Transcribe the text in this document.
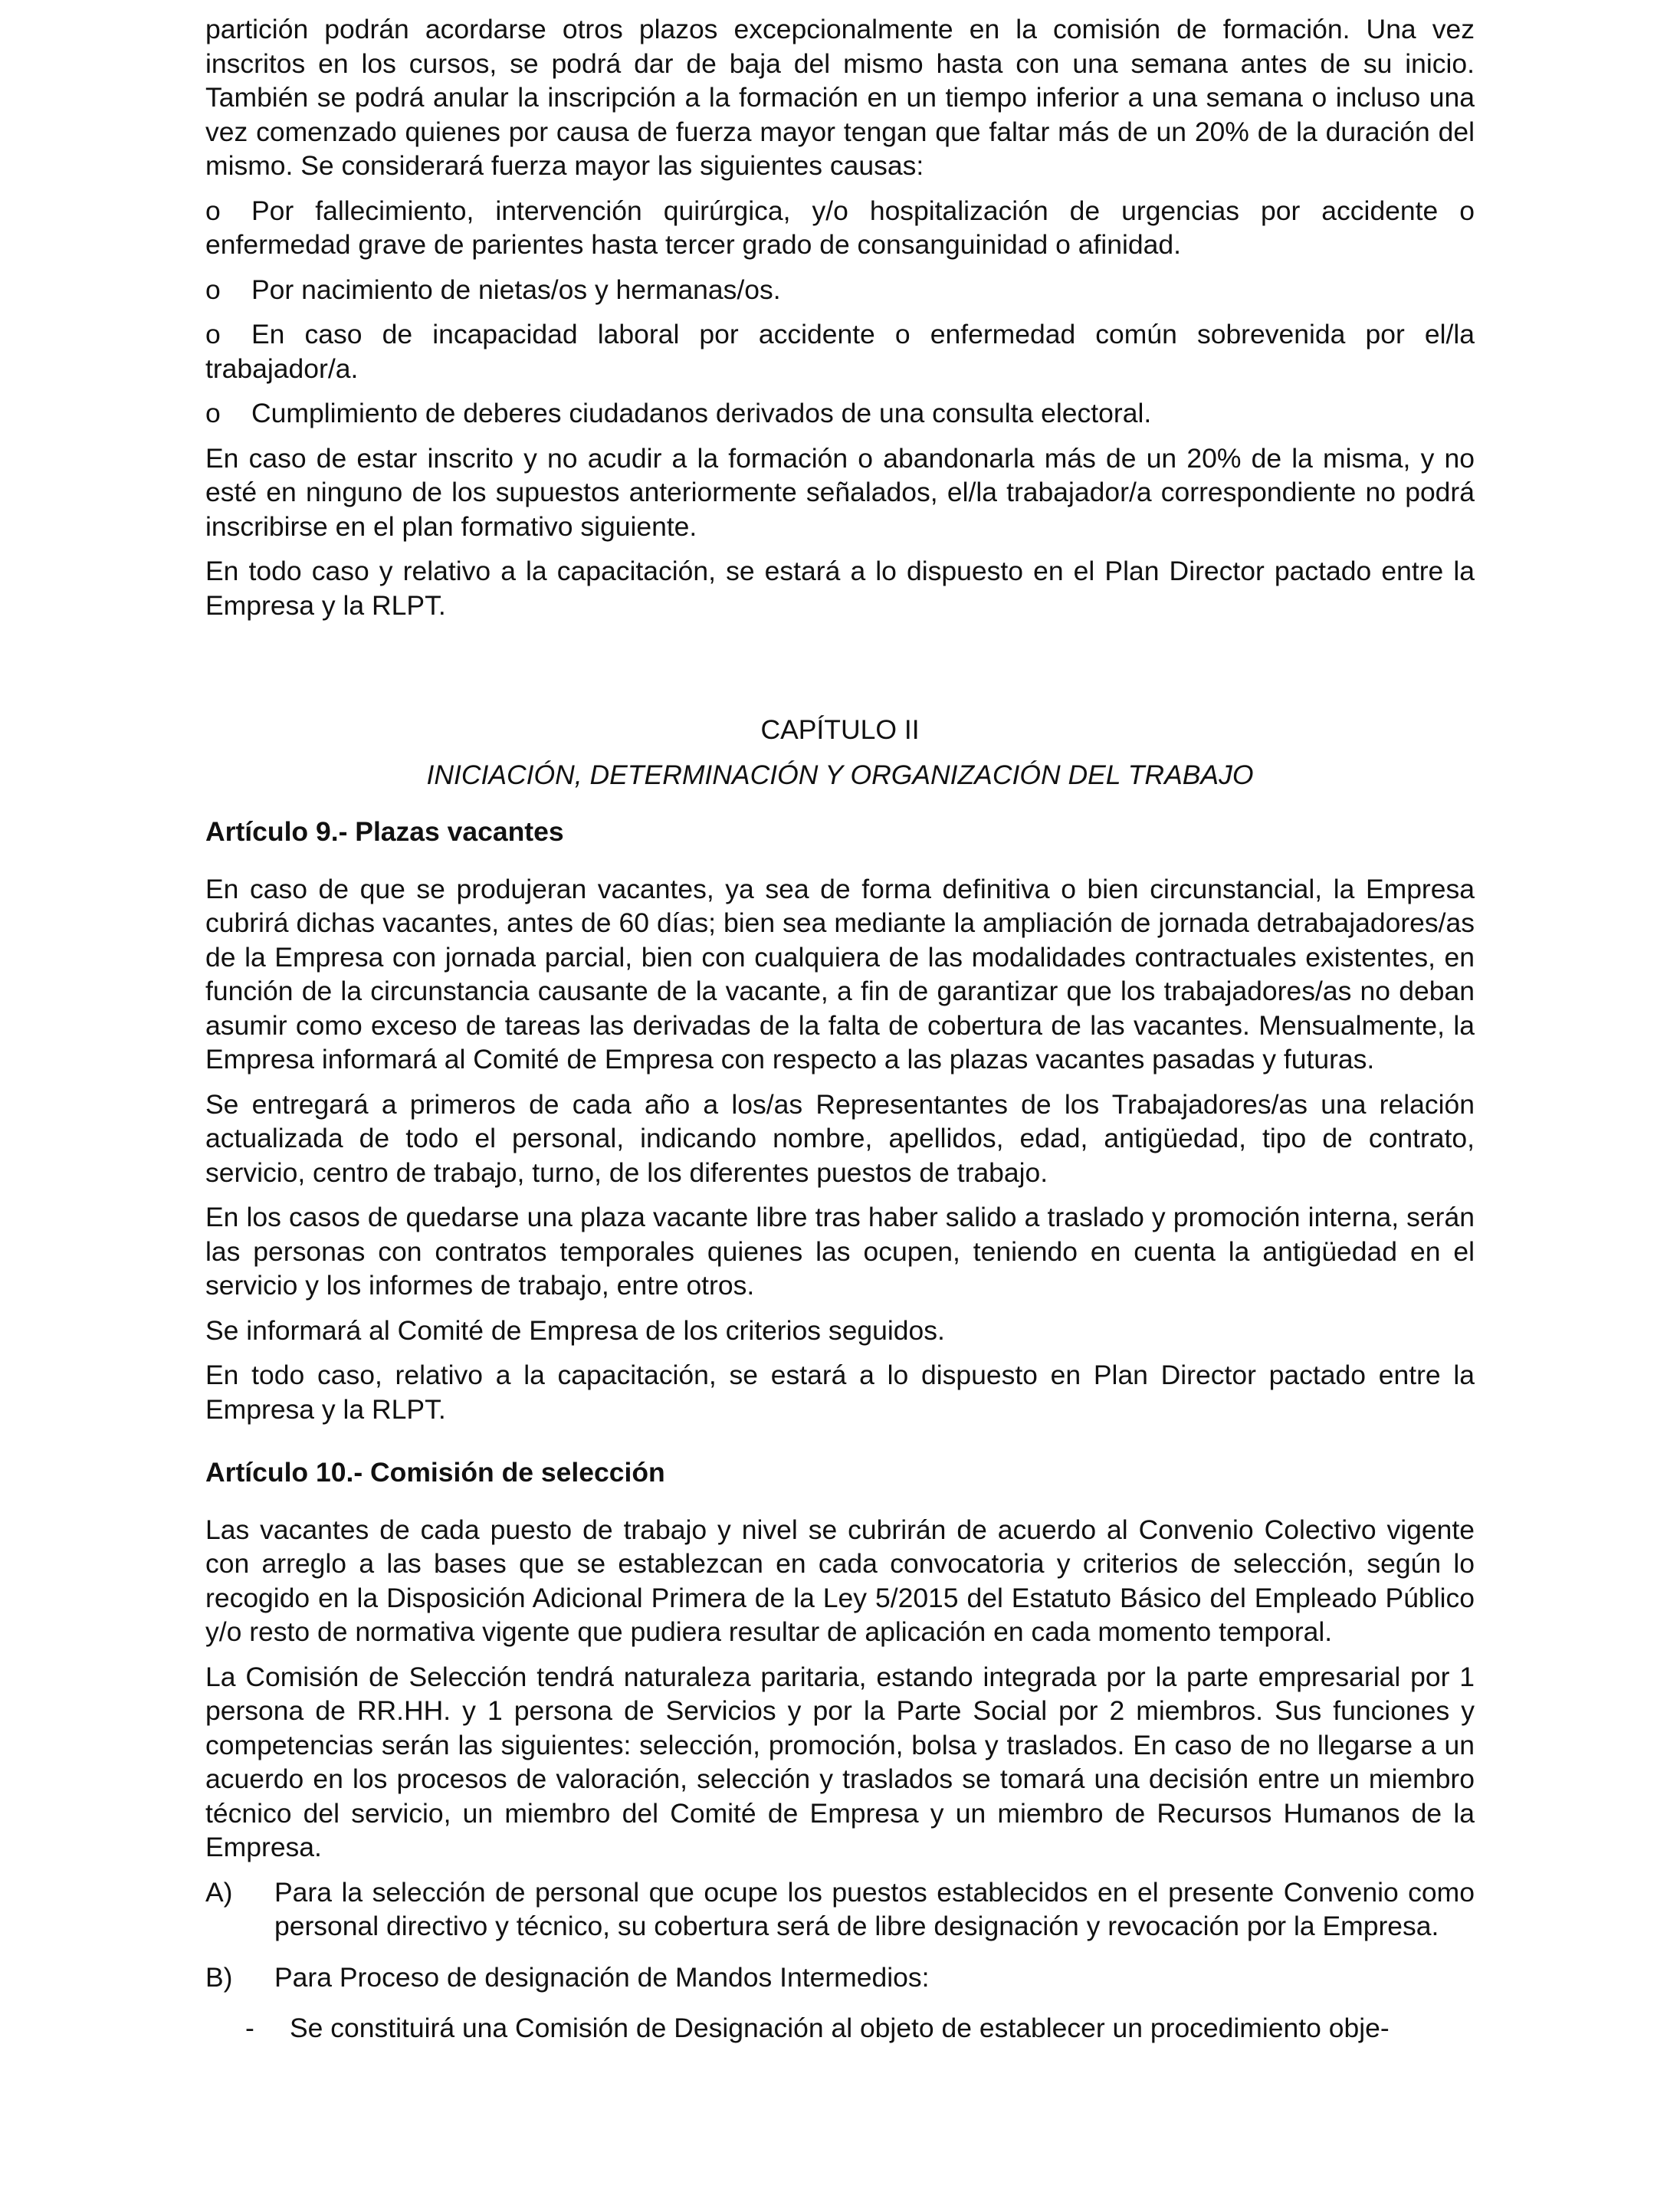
partición podrán acordarse otros plazos excepcionalmente en la comisión de formación. Una vez inscritos en los cursos, se podrá dar de baja del mismo hasta con una semana antes de su inicio. También se podrá anular la inscripción a la formación en un tiempo inferior a una semana o incluso una vez comenzado quienes por causa de fuerza mayor tengan que faltar más de un 20% de la duración del mismo. Se considerará fuerza mayor las siguientes causas:

o Por fallecimiento, intervención quirúrgica, y/o hospitalización de urgencias por accidente o enfermedad grave de parientes hasta tercer grado de consanguinidad o afinidad.
o Por nacimiento de nietas/os y hermanas/os.
o En caso de incapacidad laboral por accidente o enfermedad común sobrevenida por el/la trabajador/a.
o Cumplimiento de deberes ciudadanos derivados de una consulta electoral.

En caso de estar inscrito y no acudir a la formación o abandonarla más de un 20% de la misma, y no esté en ninguno de los supuestos anteriormente señalados, el/la trabajador/a correspondiente no podrá inscribirse en el plan formativo siguiente.

En todo caso y relativo a la capacitación, se estará a lo dispuesto en el Plan Director pactado entre la Empresa y la RLPT.

CAPÍTULO II
INICIACIÓN, DETERMINACIÓN Y ORGANIZACIÓN DEL TRABAJO
Artículo 9.- Plazas vacantes

En caso de que se produjeran vacantes, ya sea de forma definitiva o bien circunstancial, la Empresa cubrirá dichas vacantes, antes de 60 días; bien sea mediante la ampliación de jornada detrabajadores/as de la Empresa con jornada parcial, bien con cualquiera de las modalidades contractuales existentes, en función de la circunstancia causante de la vacante, a fin de garantizar que los trabajadores/as no deban asumir como exceso de tareas las derivadas de la falta de cobertura de las vacantes. Mensualmente, la Empresa informará al Comité de Empresa con respecto a las plazas vacantes pasadas y futuras.

Se entregará a primeros de cada año a los/as Representantes de los Trabajadores/as una relación actualizada de todo el personal, indicando nombre, apellidos, edad, antigüedad, tipo de contrato, servicio, centro de trabajo, turno, de los diferentes puestos de trabajo.

En los casos de quedarse una plaza vacante libre tras haber salido a traslado y promoción interna, serán las personas con contratos temporales quienes las ocupen, teniendo en cuenta la antigüedad en el servicio y los informes de trabajo, entre otros.

Se informará al Comité de Empresa de los criterios seguidos.

En todo caso, relativo a la capacitación, se estará a lo dispuesto en Plan Director pactado entre la Empresa y la RLPT.

Artículo 10.- Comisión de selección

Las vacantes de cada puesto de trabajo y nivel se cubrirán de acuerdo al Convenio Colectivo vigente con arreglo a las bases que se establezcan en cada convocatoria y criterios de selección, según lo recogido en la Disposición Adicional Primera de la Ley 5/2015 del Estatuto Básico del Empleado Público y/o resto de normativa vigente que pudiera resultar de aplicación en cada momento temporal.

La Comisión de Selección tendrá naturaleza paritaria, estando integrada por la parte empresarial por 1 persona de RR.HH. y 1 persona de Servicios y por la Parte Social por 2 miembros. Sus funciones y competencias serán las siguientes: selección, promoción, bolsa y traslados. En caso de no llegarse a un acuerdo en los procesos de valoración, selección y traslados se tomará una decisión entre un miembro técnico del servicio, un miembro del Comité de Empresa y un miembro de Recursos Humanos de la Empresa.

A)	Para la selección de personal que ocupe los puestos establecidos en el presente Convenio como personal directivo y técnico, su cobertura será de libre designación y revocación por la Empresa.
B)	Para Proceso de designación de Mandos Intermedios:
-	Se constituirá una Comisión de Designación al objeto de establecer un procedimiento obje-
